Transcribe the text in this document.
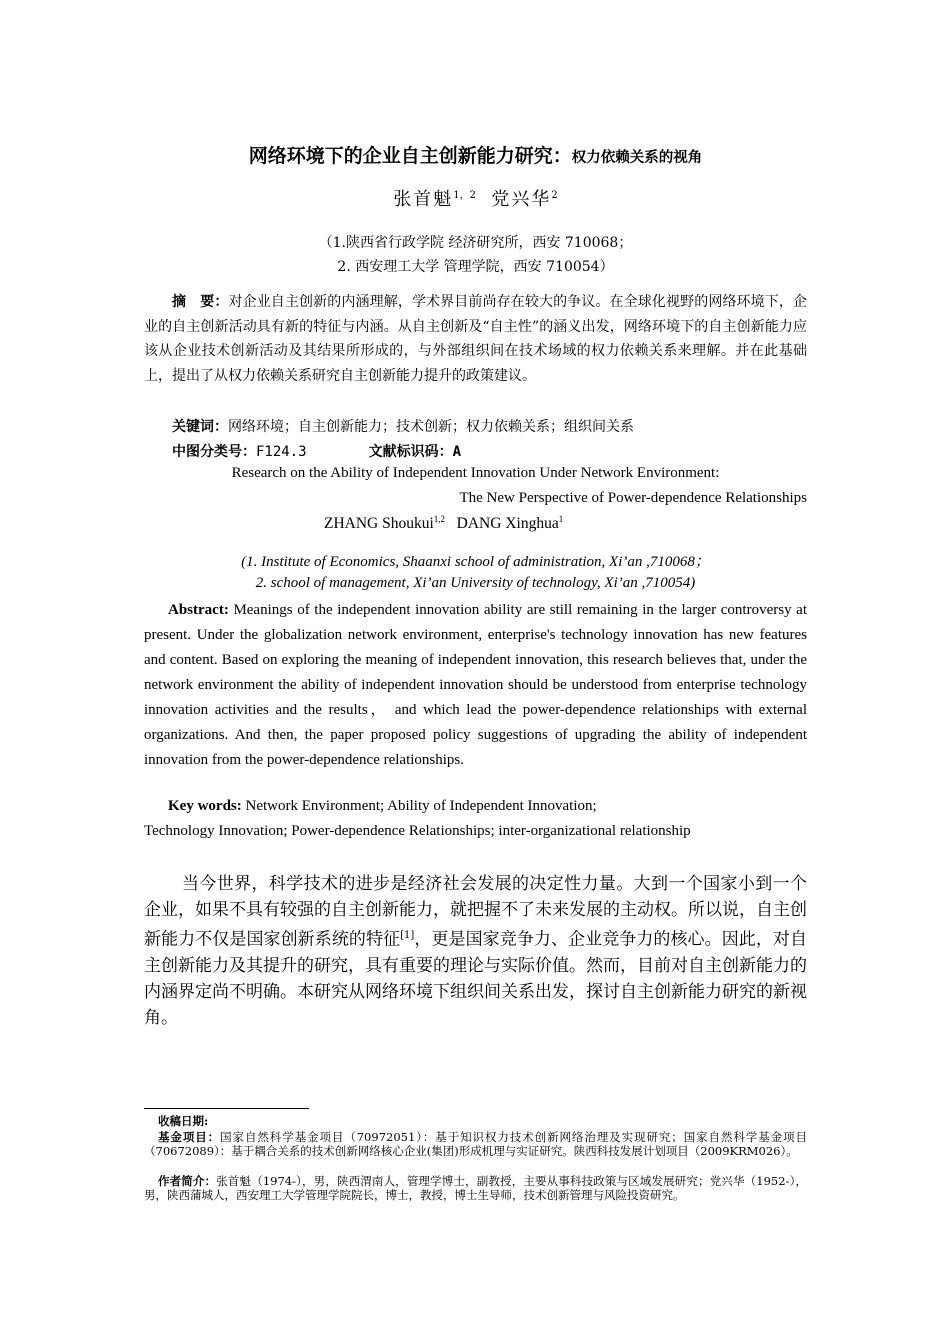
网络环境下的企业自主创新能力研究：权力依赖关系的视角
张首魁$^{1,2}$ 党兴华$^2$
（1.陕西省行政学院 经济研究所，西安 710068；
2. 西安理工大学 管理学院，西安 710054）
摘　要：对企业自主创新的内涵理解，学术界目前尚存在较大的争议。在全球化视野的网络环境下，企业的自主创新活动具有新的特征与内涵。从自主创新及“自主性”的涵义出发，网络环境下的自主创新能力应该从企业技术创新活动及其结果所形成的，与外部组织间在技术场域的权力依赖关系来理解。并在此基础上，提出了从权力依赖关系研究自主创新能力提升的政策建议。
关键词：网络环境；自主创新能力；技术创新；权力依赖关系；组织间关系
中图分类号：F124.3	文献标识码：A
Research on the Ability of Independent Innovation Under Network Environment:
The New Perspective of Power-dependence Relationships
ZHANG Shoukui$^{1,2}$ DANG Xinghua$^1$
(1. Institute of Economics, Shaanxi school of administration, Xi’an ,710068；
2. school of management, Xi’an University of technology, Xi’an ,710054)
Abstract: Meanings of the independent innovation ability are still remaining in the larger controversy at present. Under the globalization network environment, enterprise's technology innovation has new features and content. Based on exploring the meaning of independent innovation, this research believes that, under the network environment the ability of independent innovation should be understood from enterprise technology innovation activities and the results， and which lead the power-dependence relationships with external organizations. And then, the paper proposed policy suggestions of upgrading the ability of independent innovation from the power-dependence relationships.
Key words: Network Environment; Ability of Independent Innovation;
Technology Innovation; Power-dependence Relationships; inter-organizational relationship
当今世界，科学技术的进步是经济社会发展的决定性力量。大到一个国家小到一个企业，如果不具有较强的自主创新能力，就把握不了未来发展的主动权。所以说，自主创新能力不仅是国家创新系统的特征[1]，更是国家竞争力、企业竞争力的核心。因此，对自主创新能力及其提升的研究，具有重要的理论与实际价值。然而，目前对自主创新能力的内涵界定尚不明确。本研究从网络环境下组织间关系出发，探讨自主创新能力研究的新视角。
收稿日期:
基金项目：国家自然科学基金项目（70972051）：基于知识权力技术创新网络治理及实现研究；国家自然科学基金项目（70672089）：基于耦合关系的技术创新网络核心企业(集团)形成机理与实证研究。陕西科技发展计划项目（2009KRM026）。
作者简介：张首魁（1974-），男，陕西渭南人，管理学博士，副教授，主要从事科技政策与区域发展研究；党兴华（1952-），男，陕西蒲城人，西安理工大学管理学院院长，博士，教授，博士生导师，技术创新管理与风险投资研究。
